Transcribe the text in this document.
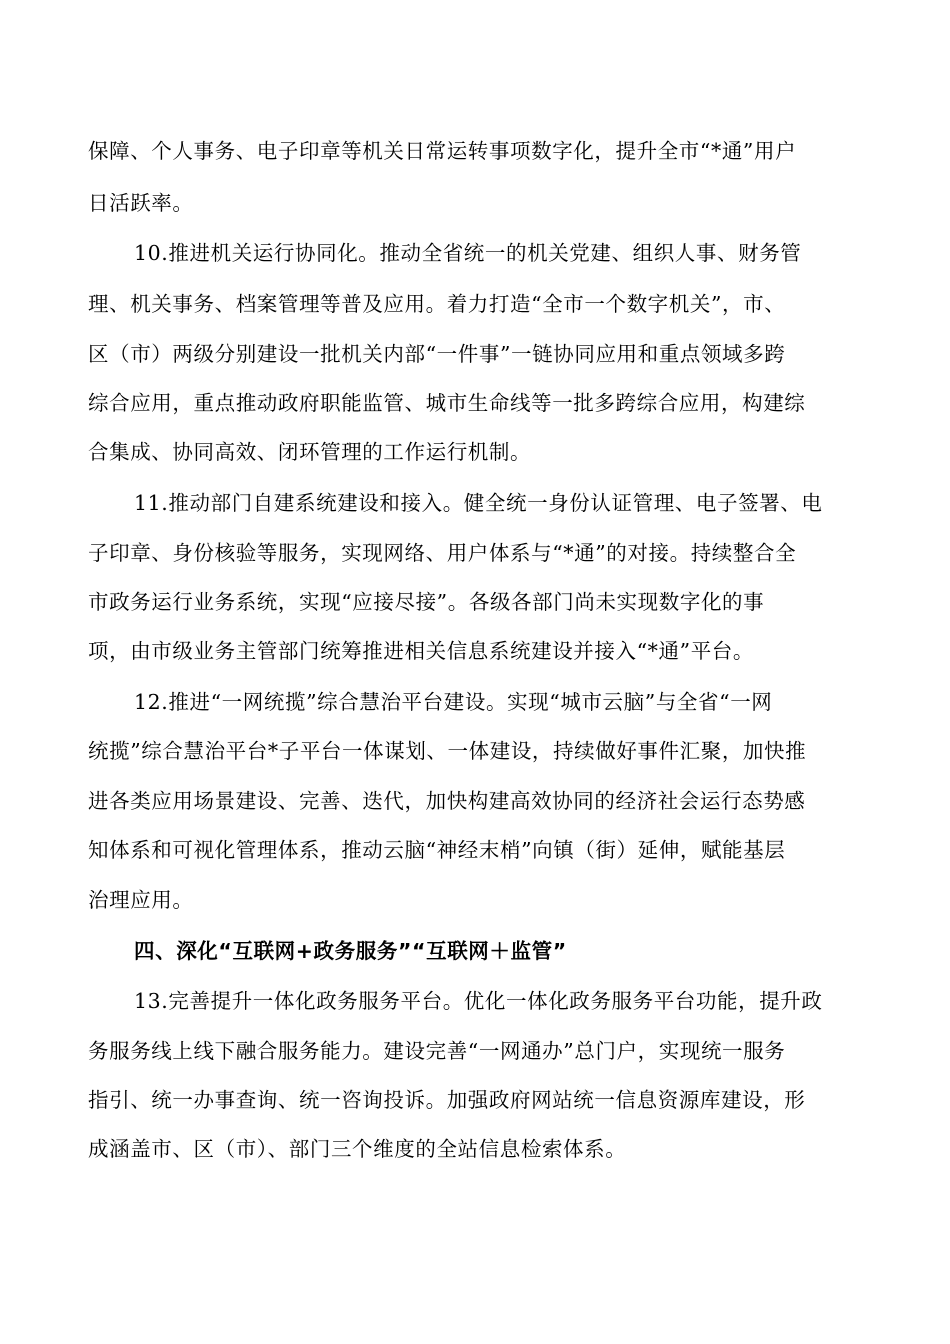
保障、个人事务、电子印章等机关日常运转事项数字化，提升全市“*通”用户
日活跃率。
10.推进机关运行协同化。推动全省统一的机关党建、组织人事、财务管
理、机关事务、档案管理等普及应用。着力打造“全市一个数字机关”，市、
区（市）两级分别建设一批机关内部“一件事”一链协同应用和重点领域多跨
综合应用，重点推动政府职能监管、城市生命线等一批多跨综合应用，构建综
合集成、协同高效、闭环管理的工作运行机制。
11.推动部门自建系统建设和接入。健全统一身份认证管理、电子签署、电
子印章、身份核验等服务，实现网络、用户体系与“*通”的对接。持续整合全
市政务运行业务系统，实现“应接尽接”。各级各部门尚未实现数字化的事
项，由市级业务主管部门统筹推进相关信息系统建设并接入“*通”平台。
12.推进“一网统揽”综合慧治平台建设。实现“城市云脑”与全省“一网
统揽”综合慧治平台*子平台一体谋划、一体建设，持续做好事件汇聚，加快推
进各类应用场景建设、完善、迭代，加快构建高效协同的经济社会运行态势感
知体系和可视化管理体系，推动云脑“神经末梢”向镇（街）延伸，赋能基层
治理应用。
四、深化“互联网+政务服务”“互联网＋监管”
13.完善提升一体化政务服务平台。优化一体化政务服务平台功能，提升政
务服务线上线下融合服务能力。建设完善“一网通办”总门户，实现统一服务
指引、统一办事查询、统一咨询投诉。加强政府网站统一信息资源库建设，形
成涵盖市、区（市）、部门三个维度的全站信息检索体系。
